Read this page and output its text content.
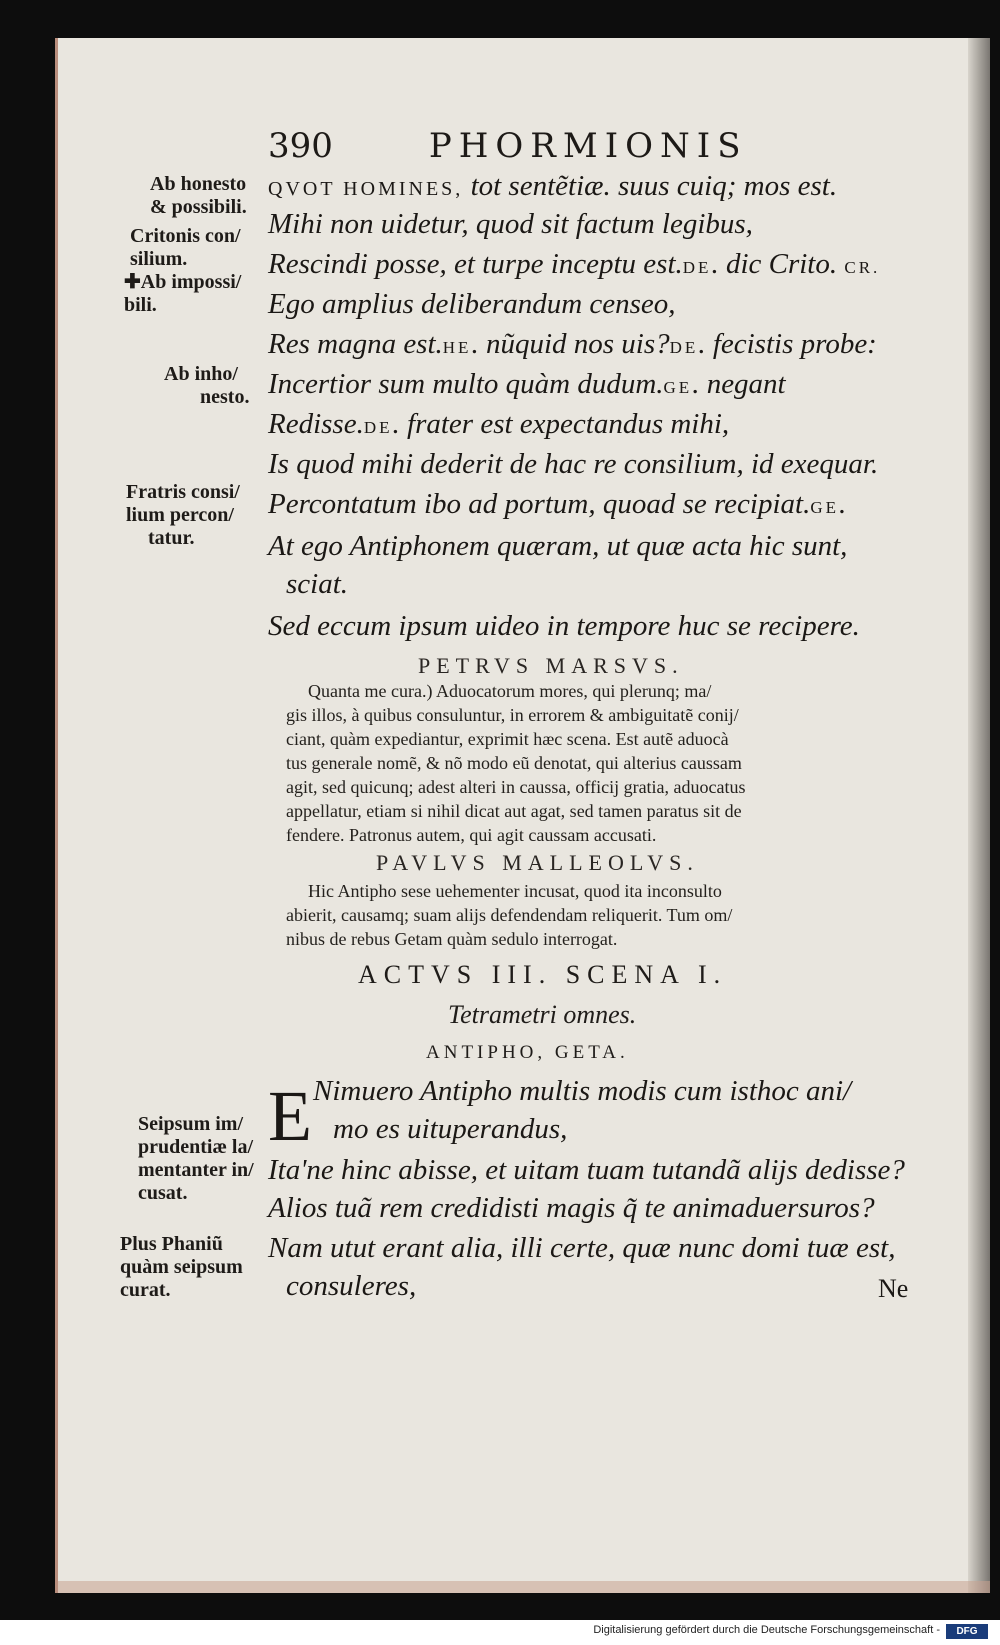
390	PHORMIONIS
Ab honesto
& possibili.
Critonis con/
silium.
✚Ab impossi/
bili.
Ab inho/
nesto.
Fratris consi/
lium percon/
tatur.
Seipsum im/
prudentiæ la/
mentanter in/
cusat.
Plus Phaniũ
quàm seipsum
curat.
QVOT HOMINES, tot sentẽtiæ. suus cuiq; mos est.
Mihi non uidetur, quod sit factum legibus,
Rescindi posse, et turpe inceptu est.DE. dic Crito. CR.
Ego amplius deliberandum censeo,
Res magna est.HE. nũquid nos uis?DE. fecistis probe:
Incertior sum multo quàm dudum.GE. negant
Redisse.DE. frater est expectandus mihi,
Is quod mihi dederit de hac re consilium, id exequar.
Percontatum ibo ad portum, quoad se recipiat.GE.
At ego Antiphonem quæram, ut quæ acta hic sunt,
sciat.
Sed eccum ipsum uideo in tempore huc se recipere.
PETRVS MARSVS.
Quanta me cura.) Aduocatorum mores, qui plerunq; ma/
gis illos, à quibus consuluntur, in errorem & ambiguitatẽ conij/
ciant, quàm expediantur, exprimit hæc scena. Est autẽ aduocà
tus generale nomẽ, & nõ modo eũ denotat, qui alterius caussam
agit, sed quicunq; adest alteri in caussa, officij gratia, aduocatus
appellatur, etiam si nihil dicat aut agat, sed tamen paratus sit de
fendere. Patronus autem, qui agit caussam accusati.
PAVLVS MALLEOLVS.
Hic Antipho sese uehementer incusat, quod ita inconsulto
abierit, causamq; suam alijs defendendam reliquerit. Tum om/
nibus de rebus Getam quàm sedulo interrogat.
ACTVS III. SCENA I.
Tetrametri omnes.
ANTIPHO, GETA.
E Nimuero Antipho multis modis cum isthoc ani/
mo es uituperandus,
Ita'ne hinc abisse, et uitam tuam tutandã alijs dedisse?
Alios tuã rem credidisti magis q̃ te animaduersuros?
Nam utut erant alia, illi certe, quæ nunc domi tuæ est,
consuleres,	Ne
Digitalisierung gefördert durch die Deutsche Forschungsgemeinschaft -	DFG
